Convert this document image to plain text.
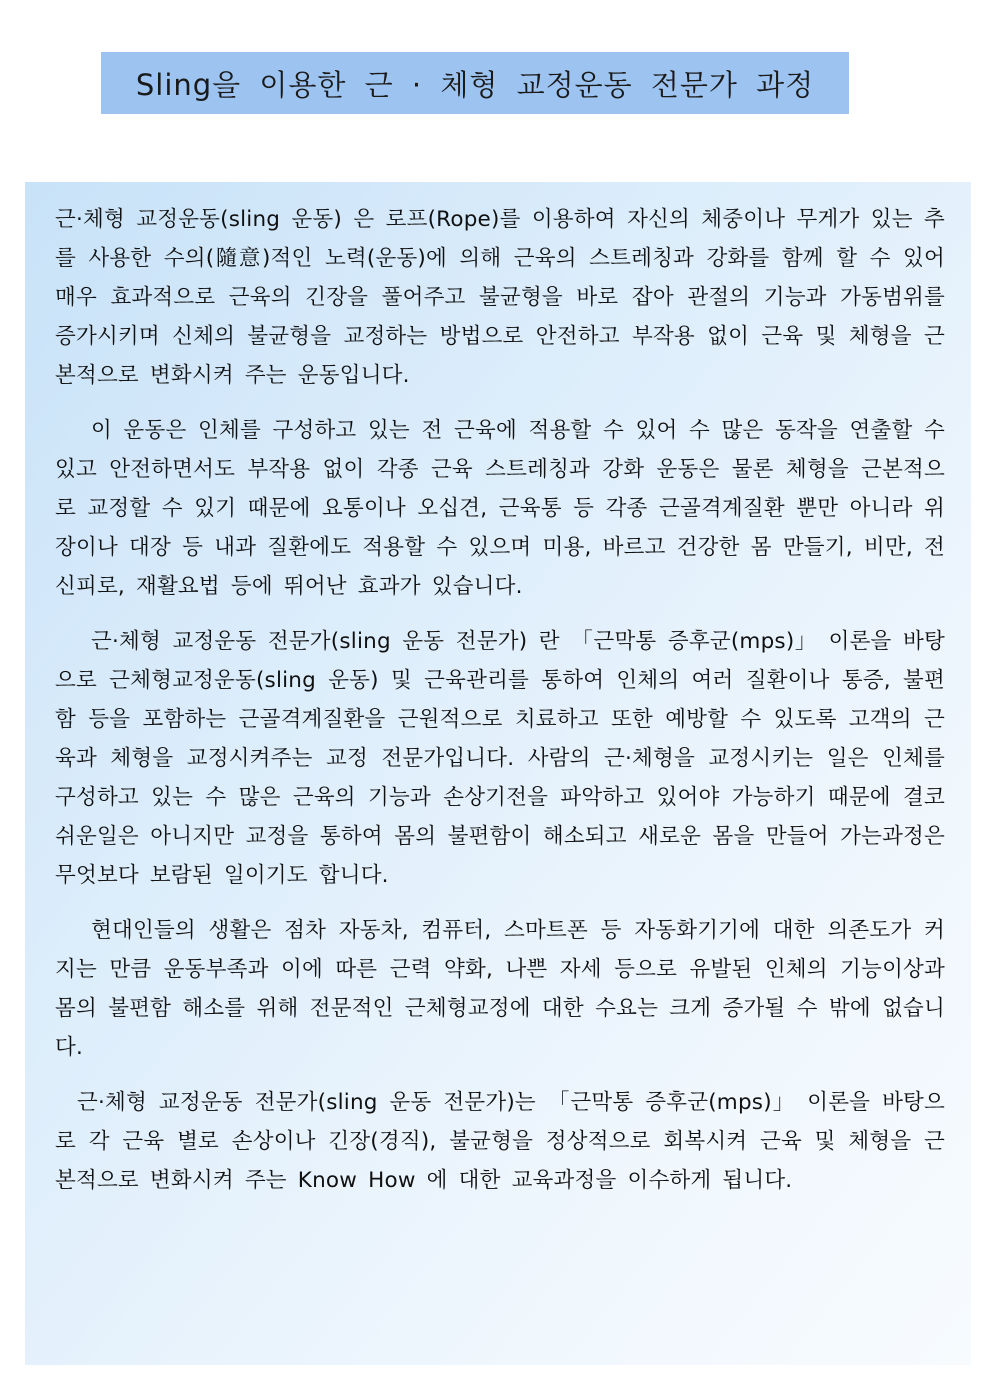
Sling을 이용한 근 · 체형 교정운동 전문가 과정

근·체형 교정운동(sling 운동) 은 로프(Rope)를 이용하여 자신의 체중이나 무게가 있는 추를 사용한 수의(隨意)적인 노력(운동)에 의해 근육의 스트레칭과 강화를 함께 할 수 있어 매우 효과적으로 근육의 긴장을 풀어주고 불균형을 바로 잡아 관절의 기능과 가동범위를 증가시키며 신체의 불균형을 교정하는 방법으로 안전하고 부작용 없이 근육 및 체형을 근본적으로 변화시켜 주는 운동입니다.

이 운동은 인체를 구성하고 있는 전 근육에 적용할 수 있어 수 많은 동작을 연출할 수 있고 안전하면서도 부작용 없이 각종 근육 스트레칭과 강화 운동은 물론 체형을 근본적으로 교정할 수 있기 때문에 요통이나 오십견, 근육통 등 각종 근골격계질환 뿐만 아니라 위장이나 대장 등 내과 질환에도 적용할 수 있으며 미용, 바르고 건강한 몸 만들기, 비만, 전신피로, 재활요법 등에 뛰어난 효과가 있습니다.

근·체형 교정운동 전문가(sling 운동 전문가) 란 「근막통 증후군(mps)」 이론을 바탕으로 근체형교정운동(sling 운동) 및 근육관리를 통하여 인체의 여러 질환이나 통증, 불편함 등을 포함하는 근골격계질환을 근원적으로 치료하고 또한 예방할 수 있도록 고객의 근육과 체형을 교정시켜주는 교정 전문가입니다. 사람의 근·체형을 교정시키는 일은 인체를 구성하고 있는 수 많은 근육의 기능과 손상기전을 파악하고 있어야 가능하기 때문에 결코 쉬운일은 아니지만 교정을 통하여 몸의 불편함이 해소되고 새로운 몸을 만들어 가는과정은 무엇보다 보람된 일이기도 합니다.

현대인들의 생활은 점차 자동차, 컴퓨터, 스마트폰 등 자동화기기에 대한 의존도가 커지는 만큼 운동부족과 이에 따른 근력 약화, 나쁜 자세 등으로 유발된 인체의 기능이상과 몸의 불편함 해소를 위해 전문적인 근체형교정에 대한 수요는 크게 증가될 수 밖에 없습니다.

근·체형 교정운동 전문가(sling 운동 전문가)는 「근막통 증후군(mps)」 이론을 바탕으로 각 근육 별로 손상이나 긴장(경직), 불균형을 정상적으로 회복시켜 근육 및 체형을 근본적으로 변화시켜 주는 Know How 에 대한 교육과정을 이수하게 됩니다.
